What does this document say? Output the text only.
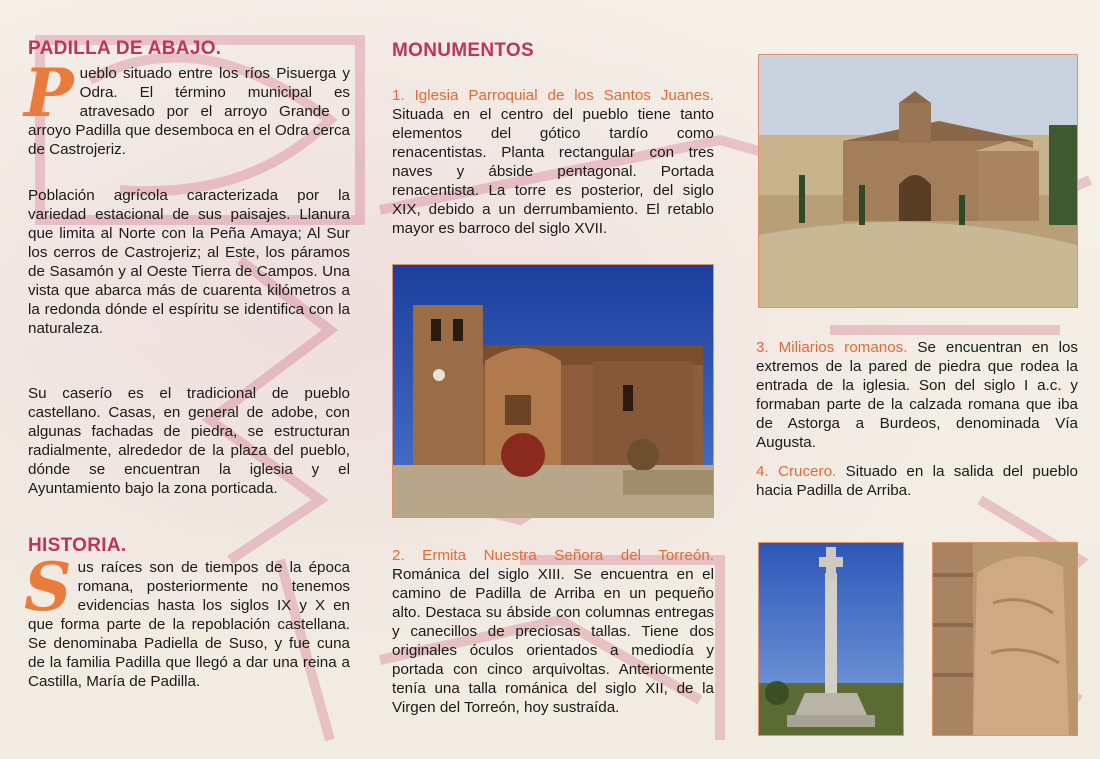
PADILLA DE ABAJO.

Pueblo situado entre los ríos Pisuerga y Odra. El término municipal es atravesado por el arroyo Grande o arroyo Padilla que desemboca en el Odra cerca de Castrojeriz.

Población agrícola caracterizada por la variedad estacional de sus paisajes. Llanura que limita al Norte con la Peña Amaya; Al Sur los cerros de Castrojeriz; al Este, los páramos de Sasamón y al Oeste Tierra de Campos. Una vista que abarca más de cuarenta kilómetros a la redonda dónde el espíritu se identifica con la naturaleza.

Su caserío es el tradicional de pueblo castellano. Casas, en general de adobe, con algunas fachadas de piedra, se estructuran radialmente, alrededor de la plaza del pueblo, dónde se encuentran la iglesia y el Ayuntamiento bajo la zona porticada.

HISTORIA.

Sus raíces son de tiempos de la época romana, posteriormente no tenemos evidencias hasta los siglos IX y X en que forma parte de la repoblación castellana. Se denominaba Padiella de Suso, y fue cuna de la familia Padilla que llegó a dar una reina a Castilla, María de Padilla.

MONUMENTOS

1. Iglesia Parroquial de los Santos Juanes. Situada en el centro del pueblo tiene tanto elementos del gótico tardío como renacentistas. Planta rectangular con tres naves y ábside pentagonal. Portada renacentista. La torre es posterior, del siglo XIX, debido a un derrumbamiento. El retablo mayor es barroco del siglo XVII.

2. Ermita Nuestra Señora del Torreón. Románica del siglo XIII. Se encuentra en el camino de Padilla de Arriba en un pequeño alto. Destaca su ábside con columnas entregas y canecillos de preciosas tallas. Tiene dos originales óculos orientados a mediodía y portada con cinco arquivoltas. Anteriormente tenía una talla románica del siglo XII, de la Virgen del Torreón, hoy sustraída.

3. Miliarios romanos. Se encuentran en los extremos de la pared de piedra que rodea la entrada de la iglesia. Son del siglo I a.c. y formaban parte de la calzada romana que iba de Astorga a Burdeos, denominada Vía Augusta.

4. Crucero. Situado en la salida del pueblo hacia Padilla de Arriba.
